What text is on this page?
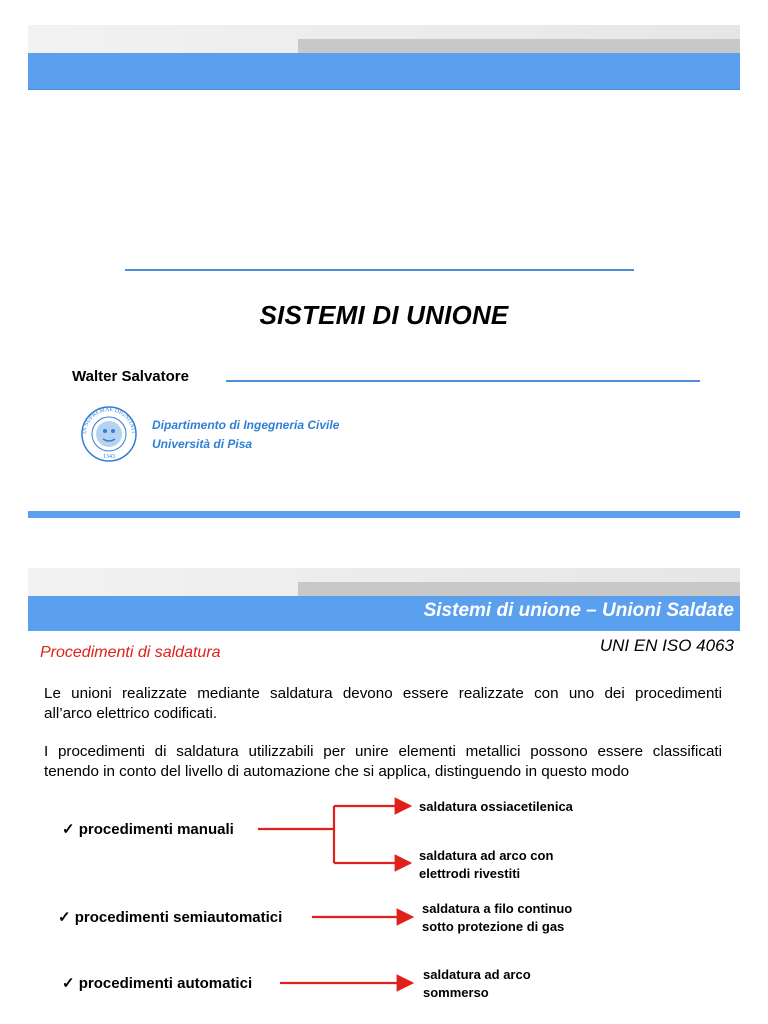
SISTEMI DI UNIONE
Walter Salvatore
IN SUPREMAE DIGNITATI
1343
Dipartimento di Ingegneria Civile
Università di Pisa
Sistemi di unione – Unioni Saldate
UNI EN ISO 4063
Procedimenti di saldatura
Le unioni realizzate mediante saldatura devono essere realizzate con uno dei procedimenti
all’arco elettrico codificati.
I procedimenti di saldatura utilizzabili per unire elementi metallici possono essere classificati
tenendo in conto del livello di automazione che si applica, distinguendo in questo modo
✓ procedimenti manuali
✓ procedimenti semiautomatici
✓ procedimenti automatici
saldatura ossiacetilenica
saldatura ad arco con
elettrodi rivestiti
saldatura a filo continuo
sotto protezione di gas
saldatura ad arco
sommerso
